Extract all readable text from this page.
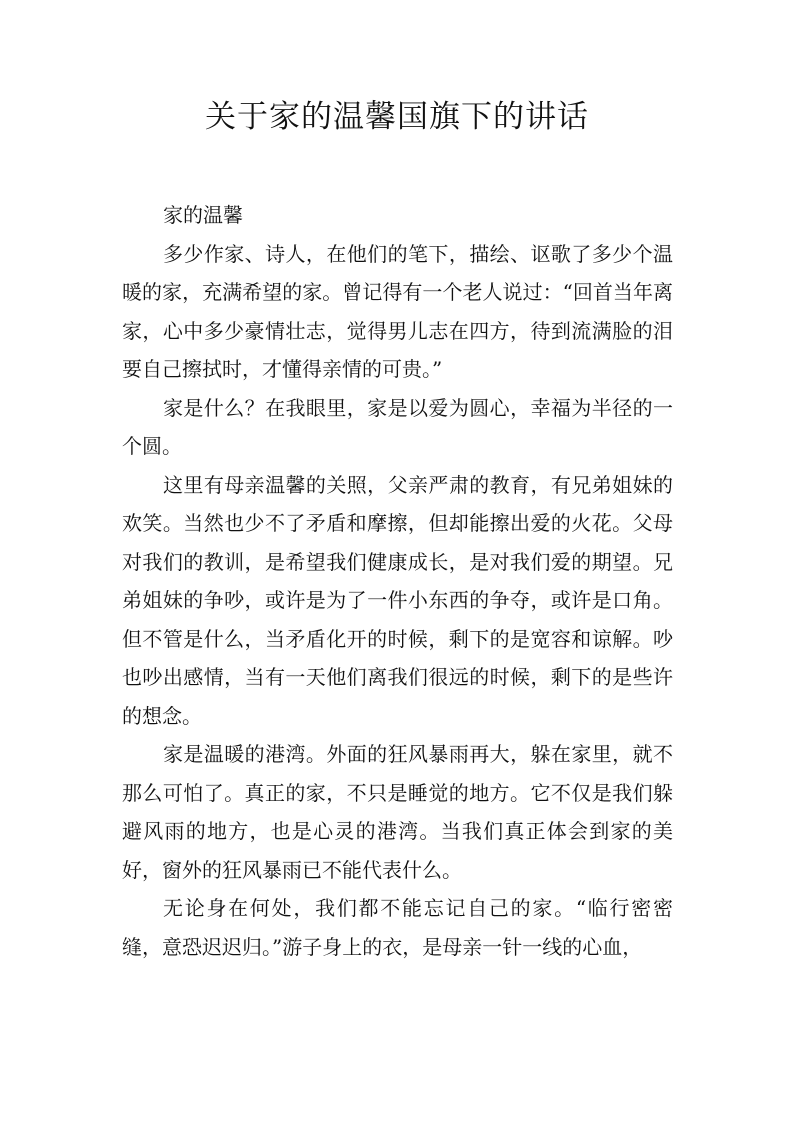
关于家的温馨国旗下的讲话

家的温馨

多少作家、诗人，在他们的笔下，描绘、讴歌了多少个温暖的家，充满希望的家。曾记得有一个老人说过：“回首当年离家，心中多少豪情壮志，觉得男儿志在四方，待到流满脸的泪要自己擦拭时，才懂得亲情的可贵。”

家是什么？在我眼里，家是以爱为圆心，幸福为半径的一个圆。

这里有母亲温馨的关照，父亲严肃的教育，有兄弟姐妹的欢笑。当然也少不了矛盾和摩擦，但却能擦出爱的火花。父母对我们的教训，是希望我们健康成长，是对我们爱的期望。兄弟姐妹的争吵，或许是为了一件小东西的争夺，或许是口角。但不管是什么，当矛盾化开的时候，剩下的是宽容和谅解。吵也吵出感情，当有一天他们离我们很远的时候，剩下的是些许的想念。

家是温暖的港湾。外面的狂风暴雨再大，躲在家里，就不那么可怕了。真正的家，不只是睡觉的地方。它不仅是我们躲避风雨的地方，也是心灵的港湾。当我们真正体会到家的美好，窗外的狂风暴雨已不能代表什么。

无论身在何处，我们都不能忘记自己的家。“临行密密缝，意恐迟迟归。”游子身上的衣，是母亲一针一线的心血，
